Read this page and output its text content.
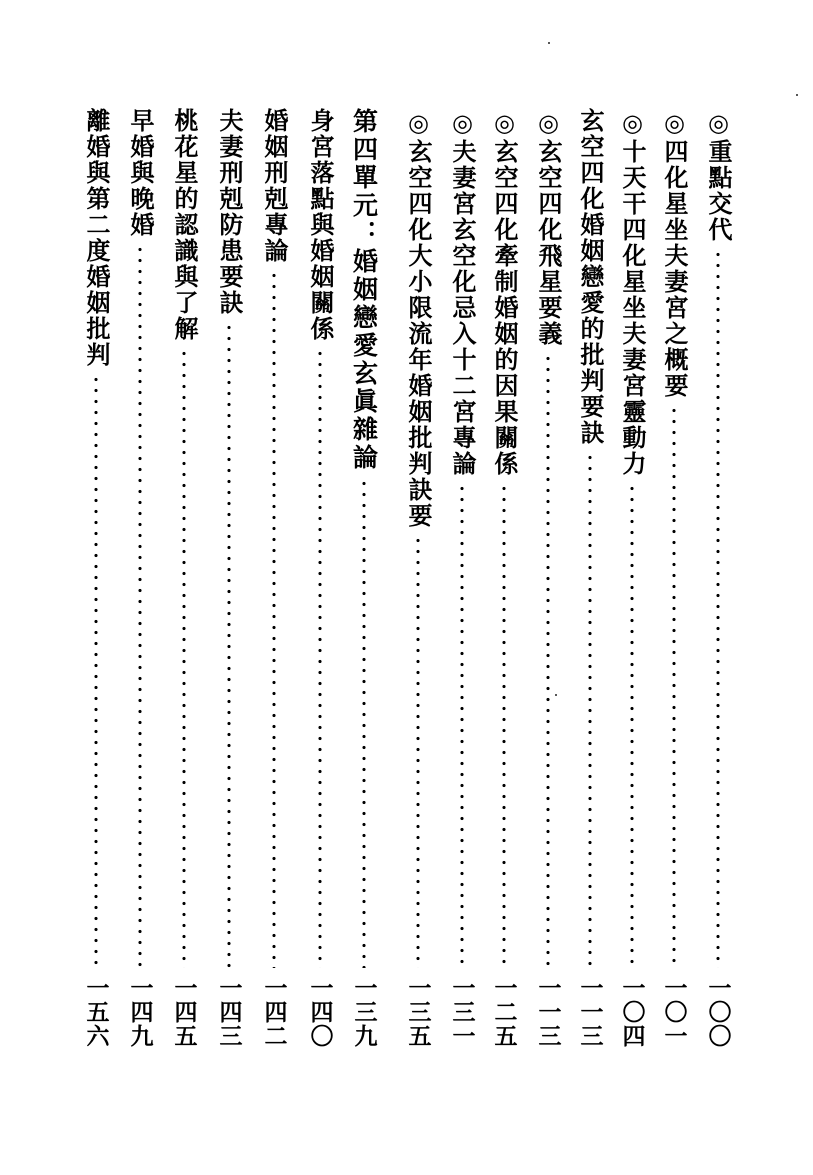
◎重點交代
一〇〇
◎四化星坐夫妻宮之概要
一〇一
◎十天干四化星坐夫妻宮靈動力
一〇四
玄空四化婚姻戀愛的批判要訣
一一三
◎玄空四化飛星要義
一一三
◎玄空四化牽制婚姻的因果關係
一二五
◎夫妻宮玄空化忌入十二宮專論
一三一
◎玄空四化大小限流年婚姻批判訣要
一三五
第四單元：婚姻戀愛玄眞雜論
一三九
身宮落點與婚姻關係
一四〇
婚姻刑剋專論
一四二
夫妻刑剋防患要訣
一四三
桃花星的認識與了解
一四五
早婚與晚婚
一四九
離婚與第二度婚姻批判
一五六
